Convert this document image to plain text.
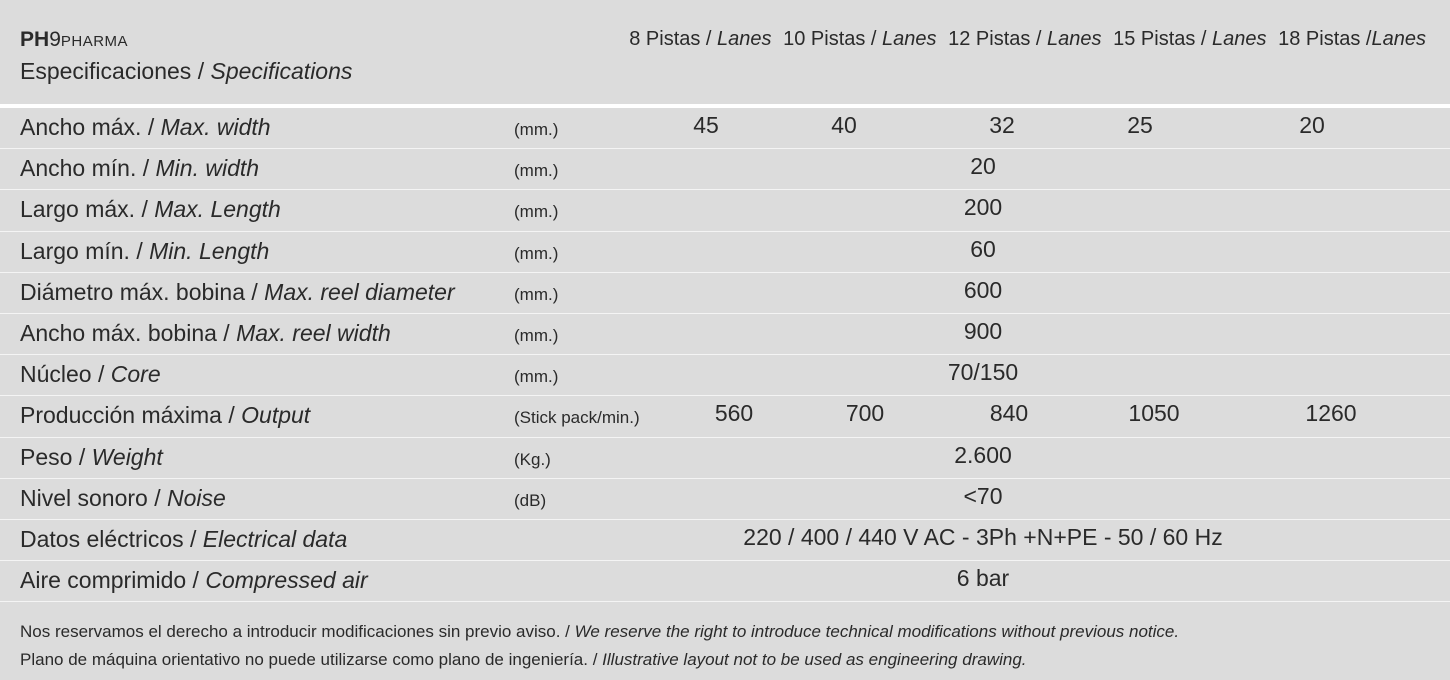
PH9PHARMA
Especificaciones / Specifications
8 Pistas / Lanes 10 Pistas / Lanes 12 Pistas / Lanes 15 Pistas / Lanes 18 Pistas /Lanes
Ancho máx. / Max. width	(mm.)	45	40	32	25	20
Ancho mín. / Min. width	(mm.)	20
Largo máx. / Max. Length	(mm.)	200
Largo mín. / Min. Length	(mm.)	60
Diámetro máx. bobina / Max. reel diameter	(mm.)	600
Ancho máx. bobina / Max. reel width	(mm.)	900
Núcleo / Core	(mm.)	70/150
Producción máxima / Output	(Stick pack/min.)	560	700	840	1050	1260
Peso / Weight	(Kg.)	2.600
Nivel sonoro / Noise	(dB)	<70
Datos eléctricos / Electrical data	220 / 400 / 440 V AC - 3Ph +N+PE - 50 / 60 Hz
Aire comprimido / Compressed air	6 bar
Nos reservamos el derecho a introducir modificaciones sin previo aviso. / We reserve the right to introduce technical modifications without previous notice.
Plano de máquina orientativo no puede utilizarse como plano de ingeniería. / Illustrative layout not to be used as engineering drawing.
